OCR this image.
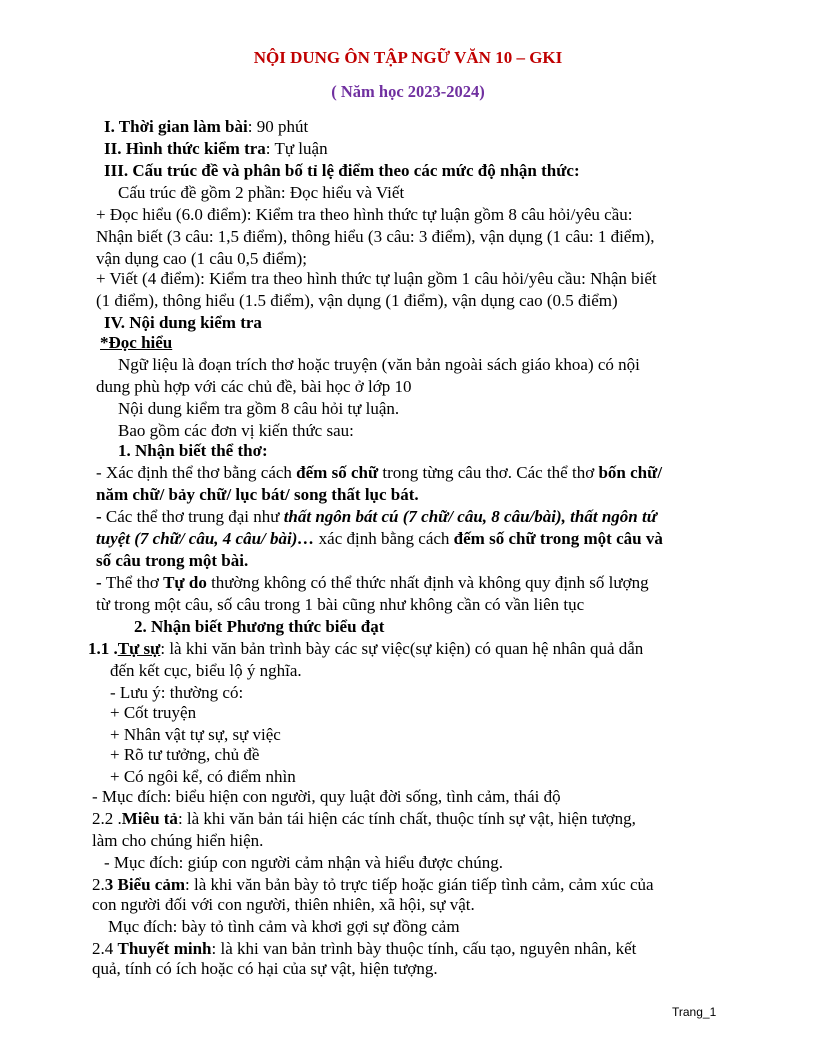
NỘI DUNG ÔN TẬP NGỮ VĂN 10 – GKI
( Năm học 2023-2024)
I. Thời gian làm bài: 90 phút
II. Hình thức kiểm tra: Tự luận
III. Cấu trúc đề và phân bố tỉ lệ điểm theo các mức độ nhận thức:
Cấu trúc đề gồm 2 phần: Đọc hiểu và Viết
+ Đọc hiểu (6.0 điểm): Kiểm tra theo hình thức tự luận gồm 8 câu hỏi/yêu cầu:
Nhận biết (3 câu: 1,5 điểm), thông hiểu (3 câu: 3 điểm), vận dụng (1 câu: 1 điểm),
vận dụng cao (1 câu 0,5 điểm);
+ Viết (4 điểm): Kiểm tra theo hình thức tự luận gồm 1 câu hỏi/yêu cầu: Nhận biết
(1 điểm), thông hiểu (1.5 điểm), vận dụng (1 điểm), vận dụng cao (0.5 điểm)
IV. Nội dung kiểm tra
*Đọc hiểu
Ngữ liệu là đoạn trích thơ hoặc truyện (văn bản ngoài sách giáo khoa) có nội
dung phù hợp với các chủ đề, bài học ở lớp 10
Nội dung kiểm tra gồm 8 câu hỏi tự luận.
Bao gồm các đơn vị kiến thức sau:
1. Nhận biết thể thơ:
- Xác định thể thơ bằng cách đếm số chữ trong từng câu thơ. Các thể thơ bốn chữ/
năm chữ/ bảy chữ/ lục bát/ song thất lục bát.
- Các thể thơ trung đại như thất ngôn bát cú (7 chữ/ câu, 8 câu/bài), thất ngôn tứ
tuyệt (7 chữ/ câu, 4 câu/ bài)… xác định bằng cách đếm số chữ trong một câu và
số câu trong một bài.
- Thể thơ Tự do thường không có thể thức nhất định và không quy định số lượng
từ trong một câu, số câu trong 1 bài cũng như không cần có vần liên tục
2. Nhận biết Phương thức biểu đạt
1.1 .Tự sự: là khi văn bản trình bày các sự việc(sự kiện) có quan hệ nhân quả dẫn
đến kết cục, biểu lộ ý nghĩa.
- Lưu ý: thường có:
+ Cốt truyện
+ Nhân vật tự sự, sự việc
+ Rõ tư tưởng, chủ đề
+ Có ngôi kể, có điểm nhìn
- Mục đích: biểu hiện con người, quy luật đời sống, tình cảm, thái độ
2.2 .Miêu tả: là khi văn bản tái hiện các tính chất, thuộc tính sự vật, hiện tượng,
làm cho chúng hiển hiện.
- Mục đích: giúp con người cảm nhận và hiểu được chúng.
2.3 Biểu cảm: là khi văn bản bày tỏ trực tiếp hoặc gián tiếp tình cảm, cảm xúc của
con người đối với con người, thiên nhiên, xã hội, sự vật.
Mục đích: bày tỏ tình cảm và khơi gợi sự đồng cảm
2.4 Thuyết minh: là khi van bản trình bày thuộc tính, cấu tạo, nguyên nhân, kết
quả, tính có ích hoặc có hại của sự vật, hiện tượng.
Trang_1
